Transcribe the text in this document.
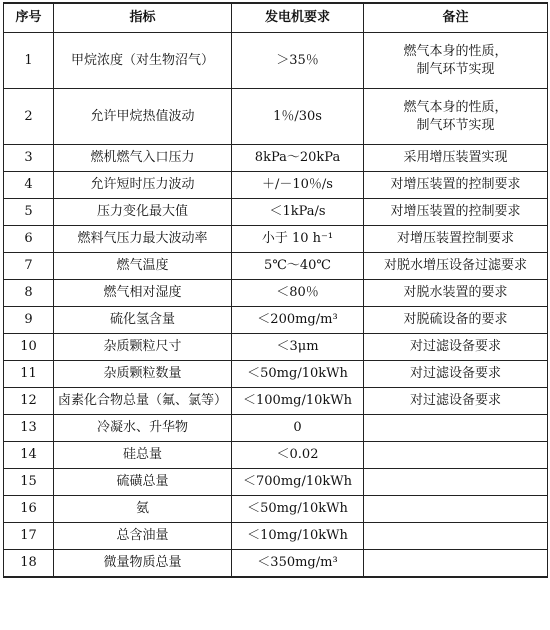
序号	指标	发电机要求	备注
1	甲烷浓度（对生物沼气）	＞35％	燃气本身的性质，
制气环节实现

2	允许甲烷热值波动	1％/30s	燃气本身的性质，
制气环节实现

3	燃机燃气入口压力	8kPa～20kPa	采用增压装置实现

4	允许短时压力波动	＋/－10％/s	对增压装置的控制要求

5	压力变化最大值	＜1kPa/s	对增压装置的控制要求

6	燃料气压力最大波动率	小于 10 h⁻¹	对增压装置控制要求

7	燃气温度	5℃～40℃	对脱水增压设备过滤要求

8	燃气相对湿度	＜80％	对脱水装置的要求

9	硫化氢含量	＜200mg/m³	对脱硫设备的要求

10	杂质颗粒尺寸	＜3μm	对过滤设备要求

11	杂质颗粒数量	＜50mg/10kWh	对过滤设备要求

12	卤素化合物总量（氟、氯等）	＜100mg/10kWh	对过滤设备要求

13	冷凝水、升华物	0	
14	硅总量	＜0.02	
15	硫磺总量	＜700mg/10kWh	
16	氨	＜50mg/10kWh	
17	总含油量	＜10mg/10kWh	
18	微量物质总量	＜350mg/m³	
